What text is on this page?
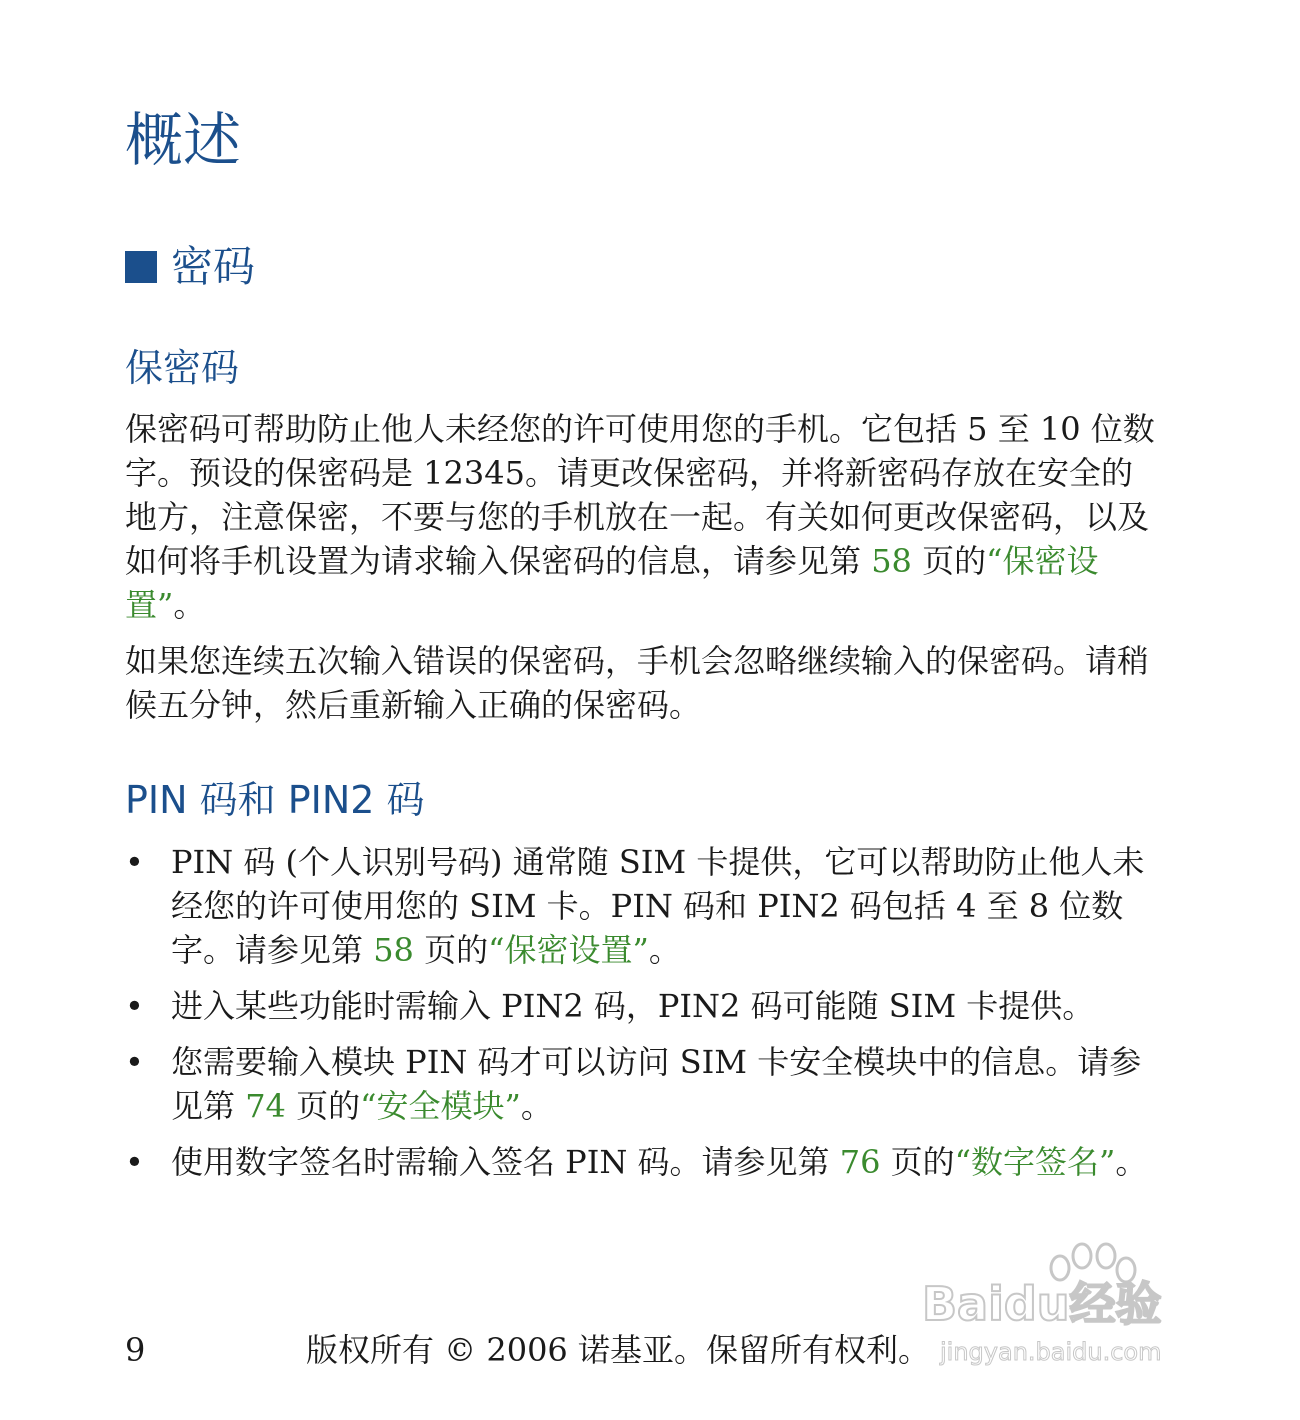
概述
密码
保密码

保密码可帮助防止他人未经您的许可使用您的手机。它包括 5 至 10 位数字。预设的保密码是 12345。请更改保密码，并将新密码存放在安全的地方，注意保密，不要与您的手机放在一起。有关如何更改保密码，以及如何将手机设置为请求输入保密码的信息，请参见第 58 页的“保密设置”。

如果您连续五次输入错误的保密码，手机会忽略继续输入的保密码。请稍候五分钟，然后重新输入正确的保密码。

PIN 码和 PIN2 码
• PIN 码 (个人识别号码) 通常随 SIM 卡提供，它可以帮助防止他人未经您的许可使用您的 SIM 卡。PIN 码和 PIN2 码包括 4 至 8 位数字。请参见第 58 页的“保密设置”。
• 进入某些功能时需输入 PIN2 码，PIN2 码可能随 SIM 卡提供。
• 您需要输入模块 PIN 码才可以访问 SIM 卡安全模块中的信息。请参见第 74 页的“安全模块”。
• 使用数字签名时需输入签名 PIN 码。请参见第 76 页的“数字签名”。
9	版权所有 © 2006 诺基亚。保留所有权利。
Baidu经验
jingyan.baidu.com
